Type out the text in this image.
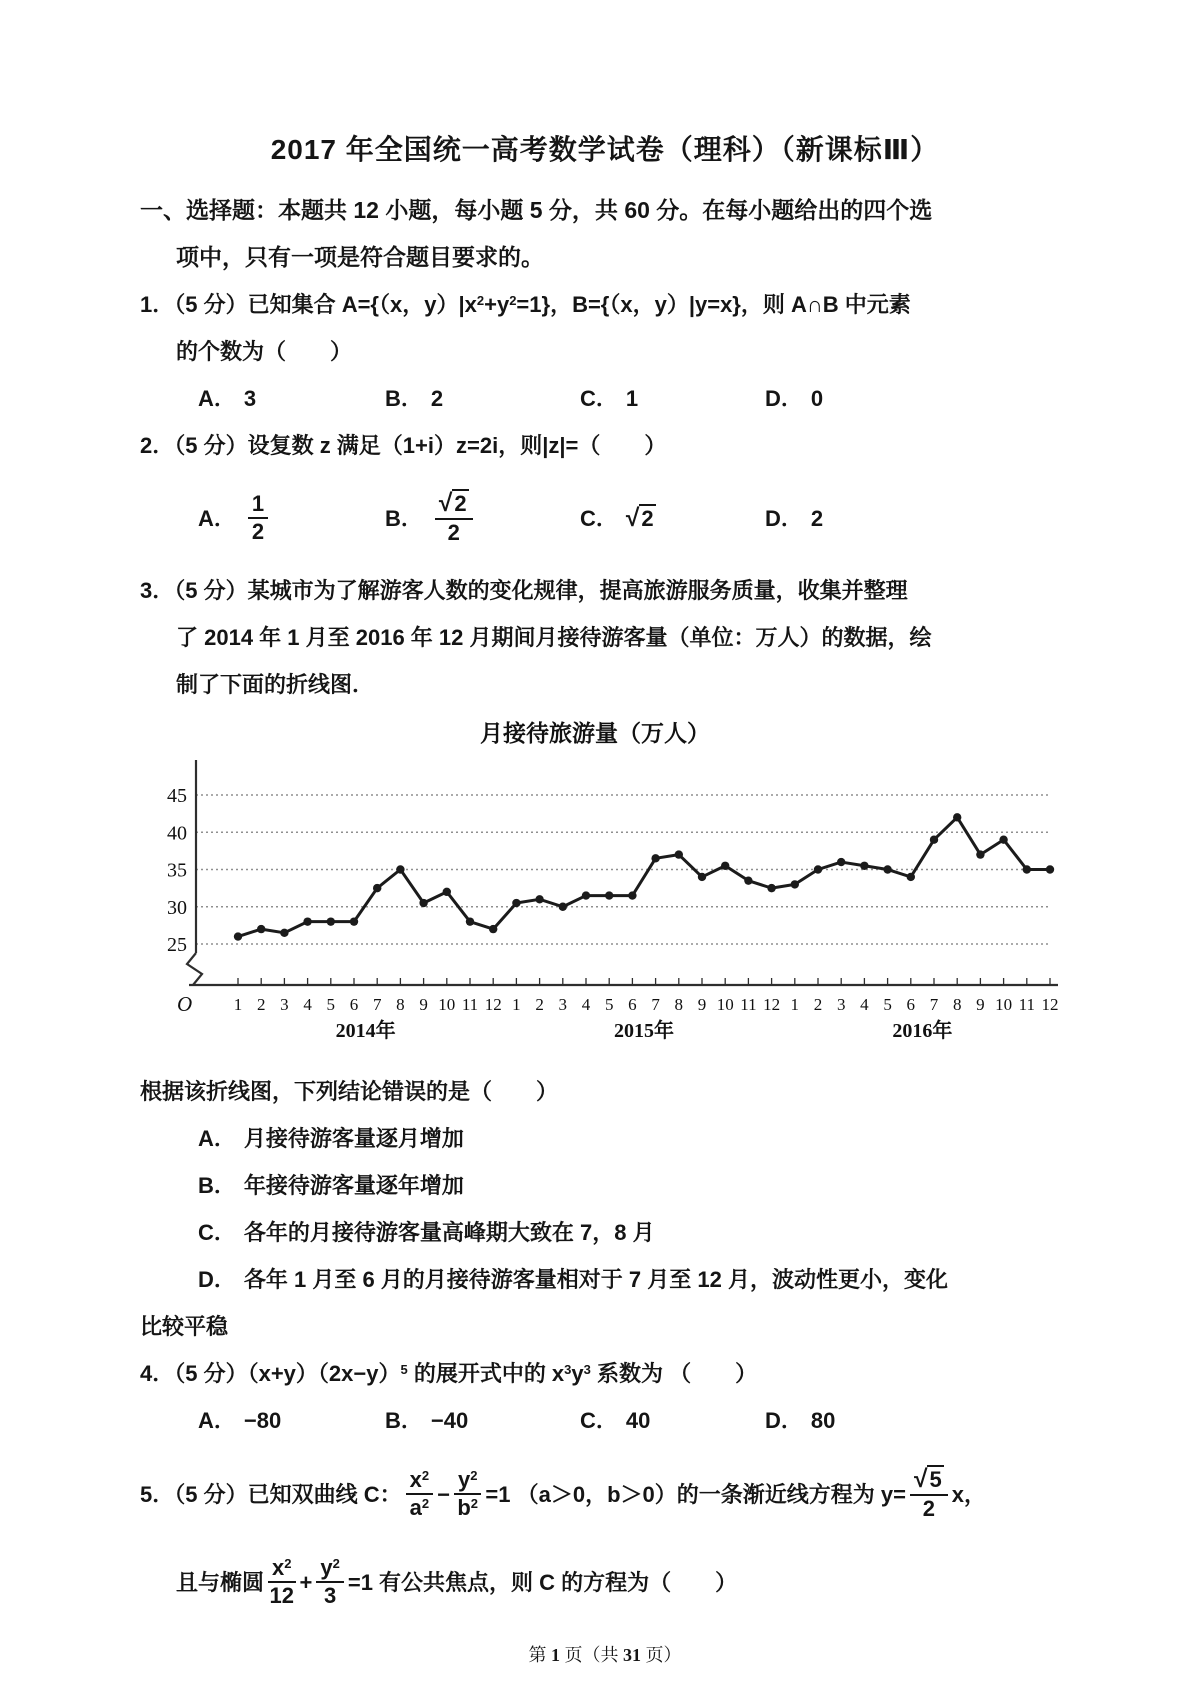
2017 年全国统一高考数学试卷（理科）（新课标Ⅲ）

一、选择题：本题共 12 小题，每小题 5 分，共 60 分。在每小题给出的四个选

项中，只有一项是符合题目要求的。

1．（5 分）已知集合 A={（x，$y)|x^2+y^2=1$}，B={（x，y）|y=x}，则 A∩B 中元素

的个数为（　　）

A． 3	B． 2	C． 1	D． 0

2．（5 分）设复数 z 满足（1+i）z=2i，则|z|=（　　）

A． $\frac{1}{2}$	B． $\frac{√2}{2}$	C． √2	D． 2

3．（5 分）某城市为了解游客人数的变化规律，提高旅游服务质量，收集并整理

了 2014 年 1 月至 2016 年 12 月期间月接待游客量（单位：万人）的数据，绘

制了下面的折线图．

月接待旅游量（万人）
25
30
35
40
45
1 2 3 4 5 6 7 8 9 10 11 12
2014年
1 2 3 4 5 6 7 8 9 10 11 12
2015年
1 2 3 4 5 6 7 8 9 10 11 12
2016年
O

根据该折线图，下列结论错误的是（　　）

A． 月接待游客量逐月增加

B． 年接待游客量逐年增加

C． 各年的月接待游客量高峰期大致在 7，8 月

D． 各年 1 月至 6 月的月接待游客量相对于 7 月至 12 月，波动性更小，变化

比较平稳

4．（5 分）$(x+y)(2x-y)^5$ 的展开式中的 $x^3y^3$ 系数为 （　　）

A． −80	B． −40	C． 40	D． 80

5．（5 分）已知双曲线 C： $\frac{x^2}{a^2} - \frac{y^2}{b^2} =1$ （a＞0，b＞0）的一条渐近线方程为 $y= \frac{√5}{2}$ x，

且与椭圆 $\frac{x^2}{12} + \frac{y^2}{3} =1$ 有公共焦点，则 C 的方程为（　　）

第 1 页（共 31 页）
